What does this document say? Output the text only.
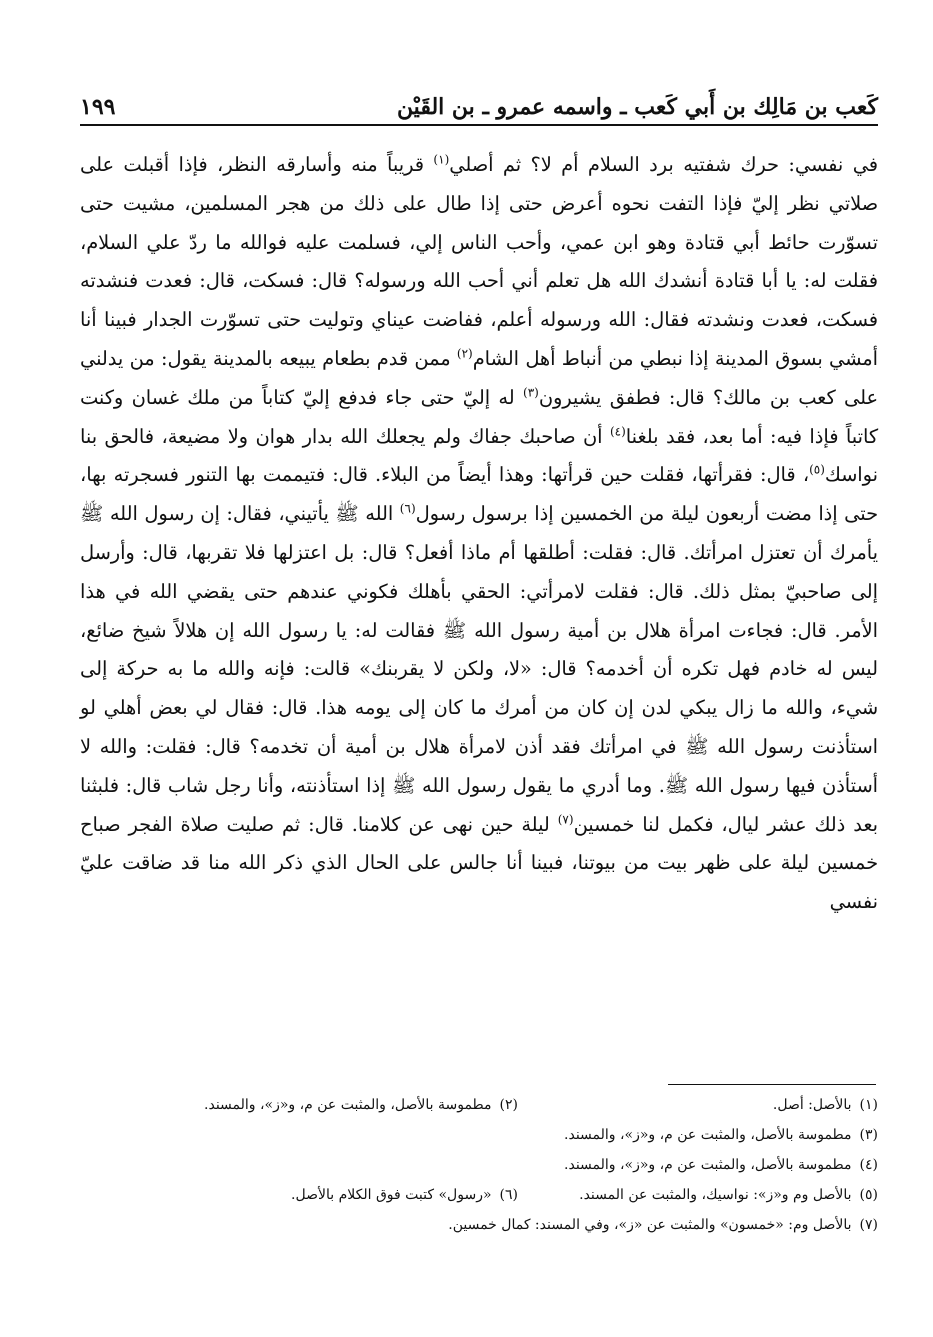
كَعب بن مَالِك بن أَبي كَعب ـ واسمه عمرو ـ بن القَيْن
١٩٩

في نفسي: حرك شفتيه برد السلام أم لا؟ ثم أصلي$^{(١)}$ قريباً منه وأسارقه النظر، فإذا أقبلت على صلاتي نظر إليّ فإذا التفت نحوه أعرض حتى إذا طال على ذلك من هجر المسلمين، مشيت حتى تسوّرت حائط أبي قتادة وهو ابن عمي، وأحب الناس إلي، فسلمت عليه فوالله ما ردّ علي السلام، فقلت له: يا أبا قتادة أنشدك الله هل تعلم أني أحب الله ورسوله؟ قال: فسكت، قال: فعدت فنشدته فسكت، فعدت ونشدته فقال: الله ورسوله أعلم، ففاضت عيناي وتوليت حتى تسوّرت الجدار فبينا أنا أمشي بسوق المدينة إذا نبطي من أنباط أهل الشام$^{(٢)}$ ممن قدم بطعام يبيعه بالمدينة يقول: من يدلني على كعب بن مالك؟ قال: فطفق يشيرون$^{(٣)}$ له إليّ حتى جاء فدفع إليّ كتاباً من ملك غسان وكنت كاتباً فإذا فيه: أما بعد، فقد بلغنا$^{(٤)}$ أن صاحبك جفاك ولم يجعلك الله بدار هوان ولا مضيعة، فالحق بنا نواسك$^{(٥)}$، قال: فقرأتها، فقلت حين قرأتها: وهذا أيضاً من البلاء. قال: فتيممت بها التنور فسجرته بها، حتى إذا مضت أربعون ليلة من الخمسين إذا برسول رسول$^{(٦)}$ الله ﷺ يأتيني، فقال: إن رسول الله ﷺ يأمرك أن تعتزل امرأتك. قال: فقلت: أطلقها أم ماذا أفعل؟ قال: بل اعتزلها فلا تقربها، قال: وأرسل إلى صاحبيّ بمثل ذلك. قال: فقلت لامرأتي: الحقي بأهلك فكوني عندهم حتى يقضي الله في هذا الأمر. قال: فجاءت امرأة هلال بن أمية رسول الله ﷺ فقالت له: يا رسول الله إن هلالاً شيخ ضائع، ليس له خادم فهل تكره أن أخدمه؟ قال: «لا، ولكن لا يقربنك» قالت: فإنه والله ما به حركة إلى شيء، والله ما زال يبكي لدن إن كان من أمرك ما كان إلى يومه هذا. قال: فقال لي بعض أهلي لو استأذنت رسول الله ﷺ في امرأتك فقد أذن لامرأة هلال بن أمية أن تخدمه؟ قال: فقلت: والله لا أستأذن فيها رسول الله ﷺ. وما أدري ما يقول رسول الله ﷺ إذا استأذنته، وأنا رجل شاب قال: فلبثنا بعد ذلك عشر ليال، فكمل لنا خمسين$^{(٧)}$ ليلة حين نهى عن كلامنا. قال: ثم صليت صلاة الفجر صباح خمسين ليلة على ظهر بيت من بيوتنا، فبينا أنا جالس على الحال الذي ذكر الله منا قد ضاقت عليّ نفسي

(١)بالأصل: أصل.
(٢)مطموسة بالأصل، والمثبت عن م، و«ز»، والمسند.
(٣)مطموسة بالأصل، والمثبت عن م، و«ز»، والمسند.
(٤)مطموسة بالأصل، والمثبت عن م، و«ز»، والمسند.
(٥)بالأصل وم و«ز»: نواسيك، والمثبت عن المسند.
(٦)«رسول» كتبت فوق الكلام بالأصل.
(٧)بالأصل وم: «خمسون» والمثبت عن «ز»، وفي المسند: كمال خمسين.
